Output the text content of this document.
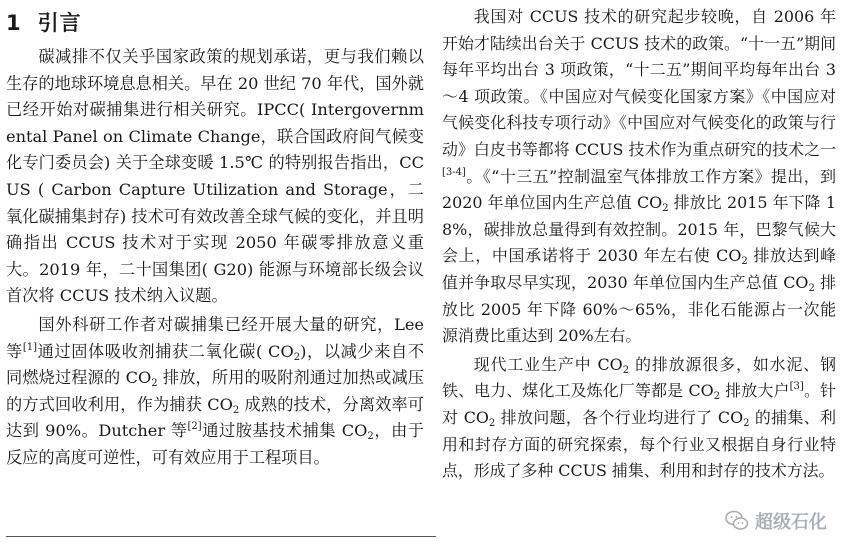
1 引言

碳减排不仅关乎国家政策的规划承诺，更与我们赖以生存的地球环境息息相关。早在 20 世纪 70 年代，国外就已经开始对碳捕集进行相关研究。IPCC( Intergovernmental Panel on Climate Change，联合国政府间气候变化专门委员会) 关于全球变暖 1.5℃ 的特别报告指出，CCUS ( Carbon Capture Utilization and Storage，二氧化碳捕集封存) 技术可有效改善全球气候的变化，并且明确指出 CCUS 技术对于实现 2050 年碳零排放意义重大。2019 年，二十国集团( G20) 能源与环境部长级会议首次将 CCUS 技术纳入议题。

国外科研工作者对碳捕集已经开展大量的研究，Lee 等[1]通过固体吸收剂捕获二氧化碳( $CO_2$)，以减少来自不同燃烧过程源的 $CO_2$ 排放，所用的吸附剂通过加热或减压的方式回收利用，作为捕获 $CO_2$ 成熟的技术，分离效率可达到 90%。Dutcher 等[2]通过胺基技术捕集 $CO_2$，由于反应的高度可逆性，可有效应用于工程项目。

我国对 CCUS 技术的研究起步较晚，自 2006 年开始才陆续出台关于 CCUS 技术的政策。“十一五”期间每年平均出台 3 项政策，“十二五”期间平均每年出台 3～4 项政策。《中国应对气候变化国家方案》《中国应对气候变化科技专项行动》《中国应对气候变化的政策与行动》白皮书等都将 CCUS 技术作为重点研究的技术之一[3-4]。《“十三五”控制温室气体排放工作方案》提出，到 2020 年单位国内生产总值 $CO_2$ 排放比 2015 年下降 18%，碳排放总量得到有效控制。2015 年，巴黎气候大会上，中国承诺将于 2030 年左右使 $CO_2$ 排放达到峰值并争取尽早实现，2030 年单位国内生产总值 $CO_2$ 排放比 2005 年下降 60%～65%，非化石能源占一次能源消费比重达到 20%左右。

现代工业生产中 $CO_2$ 的排放源很多，如水泥、钢铁、电力、煤化工及炼化厂等都是 $CO_2$ 排放大户[3]。针对 $CO_2$ 排放问题，各个行业均进行了 $CO_2$ 的捕集、利用和封存方面的研究探索，每个行业又根据自身行业特点，形成了多种 CCUS 捕集、利用和封存的技术方法。

超级石化
